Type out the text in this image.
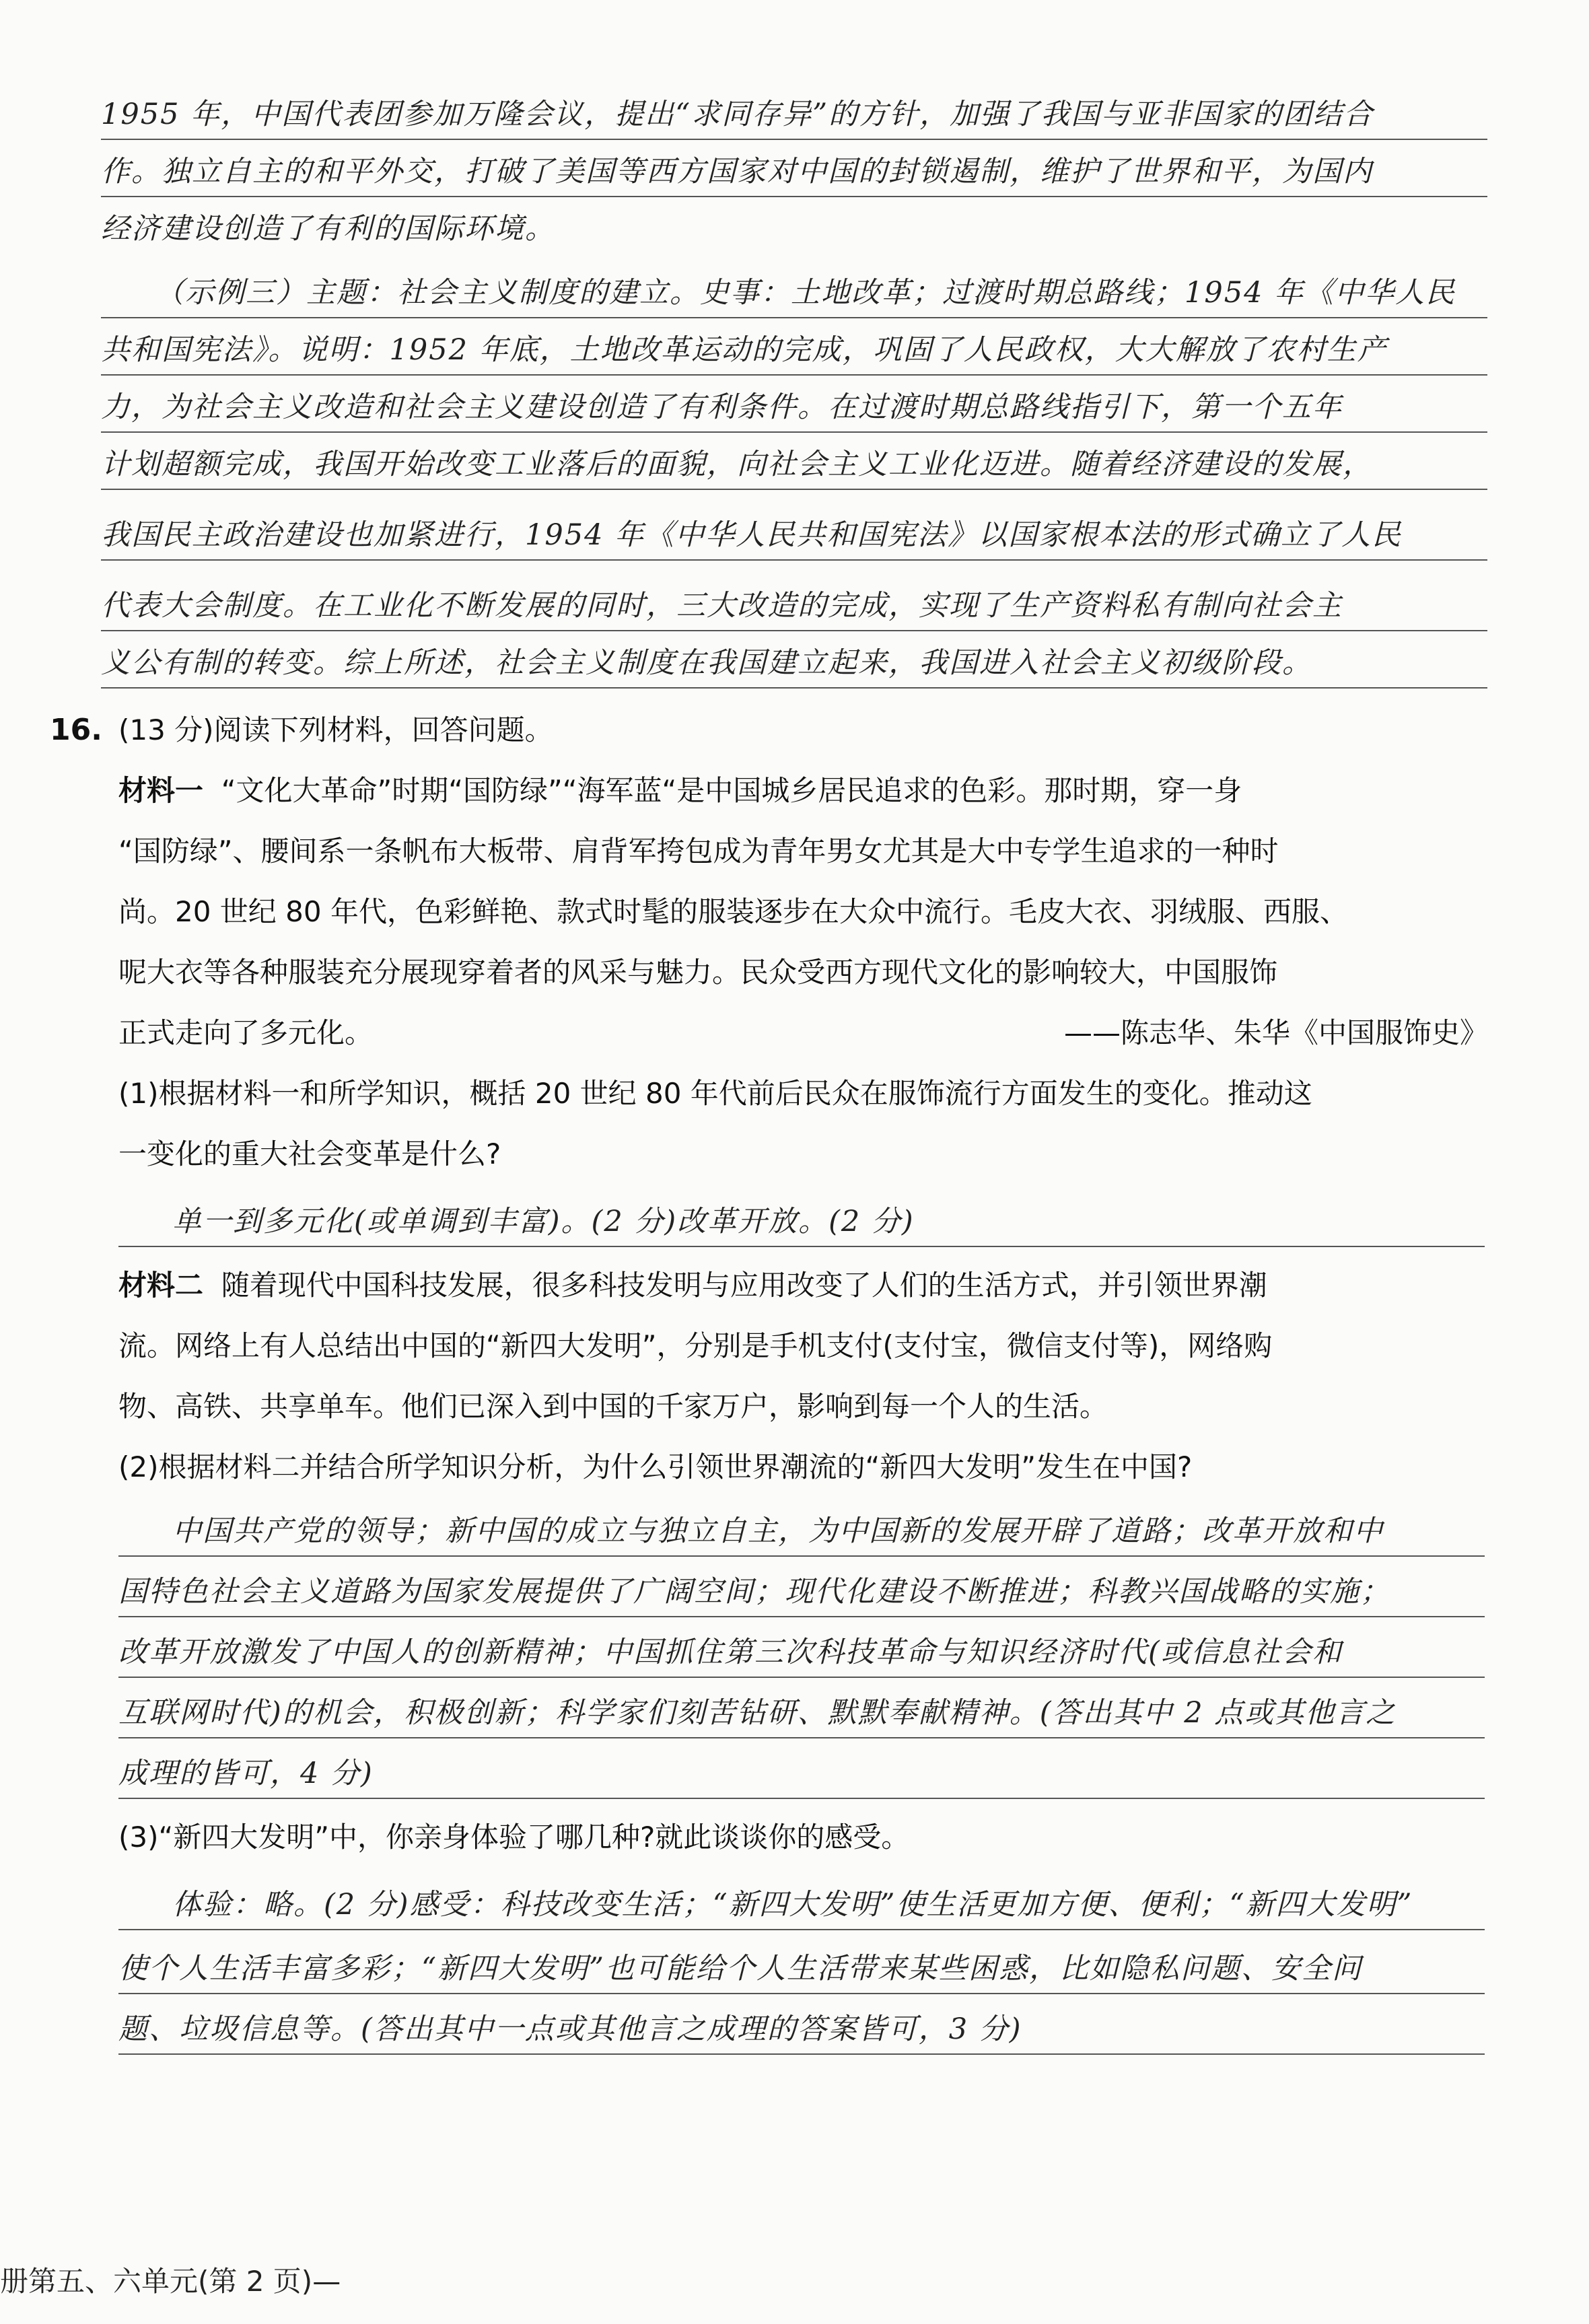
1955 年，中国代表团参加万隆会议，提出“求同存异”的方针，加强了我国与亚非国家的团结合
作。独立自主的和平外交，打破了美国等西方国家对中国的封锁遏制，维护了世界和平，为国内
经济建设创造了有利的国际环境。
（示例三）主题：社会主义制度的建立。史事：土地改革；过渡时期总路线；1954 年《中华人民
共和国宪法》。说明：1952 年底，土地改革运动的完成，巩固了人民政权，大大解放了农村生产
力，为社会主义改造和社会主义建设创造了有利条件。在过渡时期总路线指引下，第一个五年
计划超额完成，我国开始改变工业落后的面貌，向社会主义工业化迈进。随着经济建设的发展，
我国民主政治建设也加紧进行，1954 年《中华人民共和国宪法》以国家根本法的形式确立了人民
代表大会制度。在工业化不断发展的同时，三大改造的完成，实现了生产资料私有制向社会主
义公有制的转变。综上所述，社会主义制度在我国建立起来，我国进入社会主义初级阶段。
16. (13 分)阅读下列材料，回答问题。
材料一 “文化大革命”时期“国防绿”“海军蓝“是中国城乡居民追求的色彩。那时期，穿一身
“国防绿”、腰间系一条帆布大板带、肩背军挎包成为青年男女尤其是大中专学生追求的一种时
尚。20 世纪 80 年代，色彩鲜艳、款式时髦的服装逐步在大众中流行。毛皮大衣、羽绒服、西服、
呢大衣等各种服装充分展现穿着者的风采与魅力。民众受西方现代文化的影响较大，中国服饰
正式走向了多元化。	——陈志华、朱华《中国服饰史》
(1)根据材料一和所学知识，概括 20 世纪 80 年代前后民众在服饰流行方面发生的变化。推动这
一变化的重大社会变革是什么?
单一到多元化(或单调到丰富)。(2 分)改革开放。(2 分)
材料二 随着现代中国科技发展，很多科技发明与应用改变了人们的生活方式，并引领世界潮
流。网络上有人总结出中国的“新四大发明”，分别是手机支付(支付宝，微信支付等)，网络购
物、高铁、共享单车。他们已深入到中国的千家万户，影响到每一个人的生活。
(2)根据材料二并结合所学知识分析，为什么引领世界潮流的“新四大发明”发生在中国?
中国共产党的领导；新中国的成立与独立自主，为中国新的发展开辟了道路；改革开放和中
国特色社会主义道路为国家发展提供了广阔空间；现代化建设不断推进；科教兴国战略的实施；
改革开放激发了中国人的创新精神；中国抓住第三次科技革命与知识经济时代(或信息社会和
互联网时代)的机会，积极创新；科学家们刻苦钻研、默默奉献精神。(答出其中 2 点或其他言之
成理的皆可，4 分)
(3)“新四大发明”中，你亲身体验了哪几种?就此谈谈你的感受。
体验：略。(2 分)感受：科技改变生活；“新四大发明”使生活更加方便、便利；“新四大发明”
使个人生活丰富多彩；“新四大发明”也可能给个人生活带来某些困惑，比如隐私问题、安全问
题、垃圾信息等。(答出其中一点或其他言之成理的答案皆可，3 分)
册第五、六单元(第 2 页)—
